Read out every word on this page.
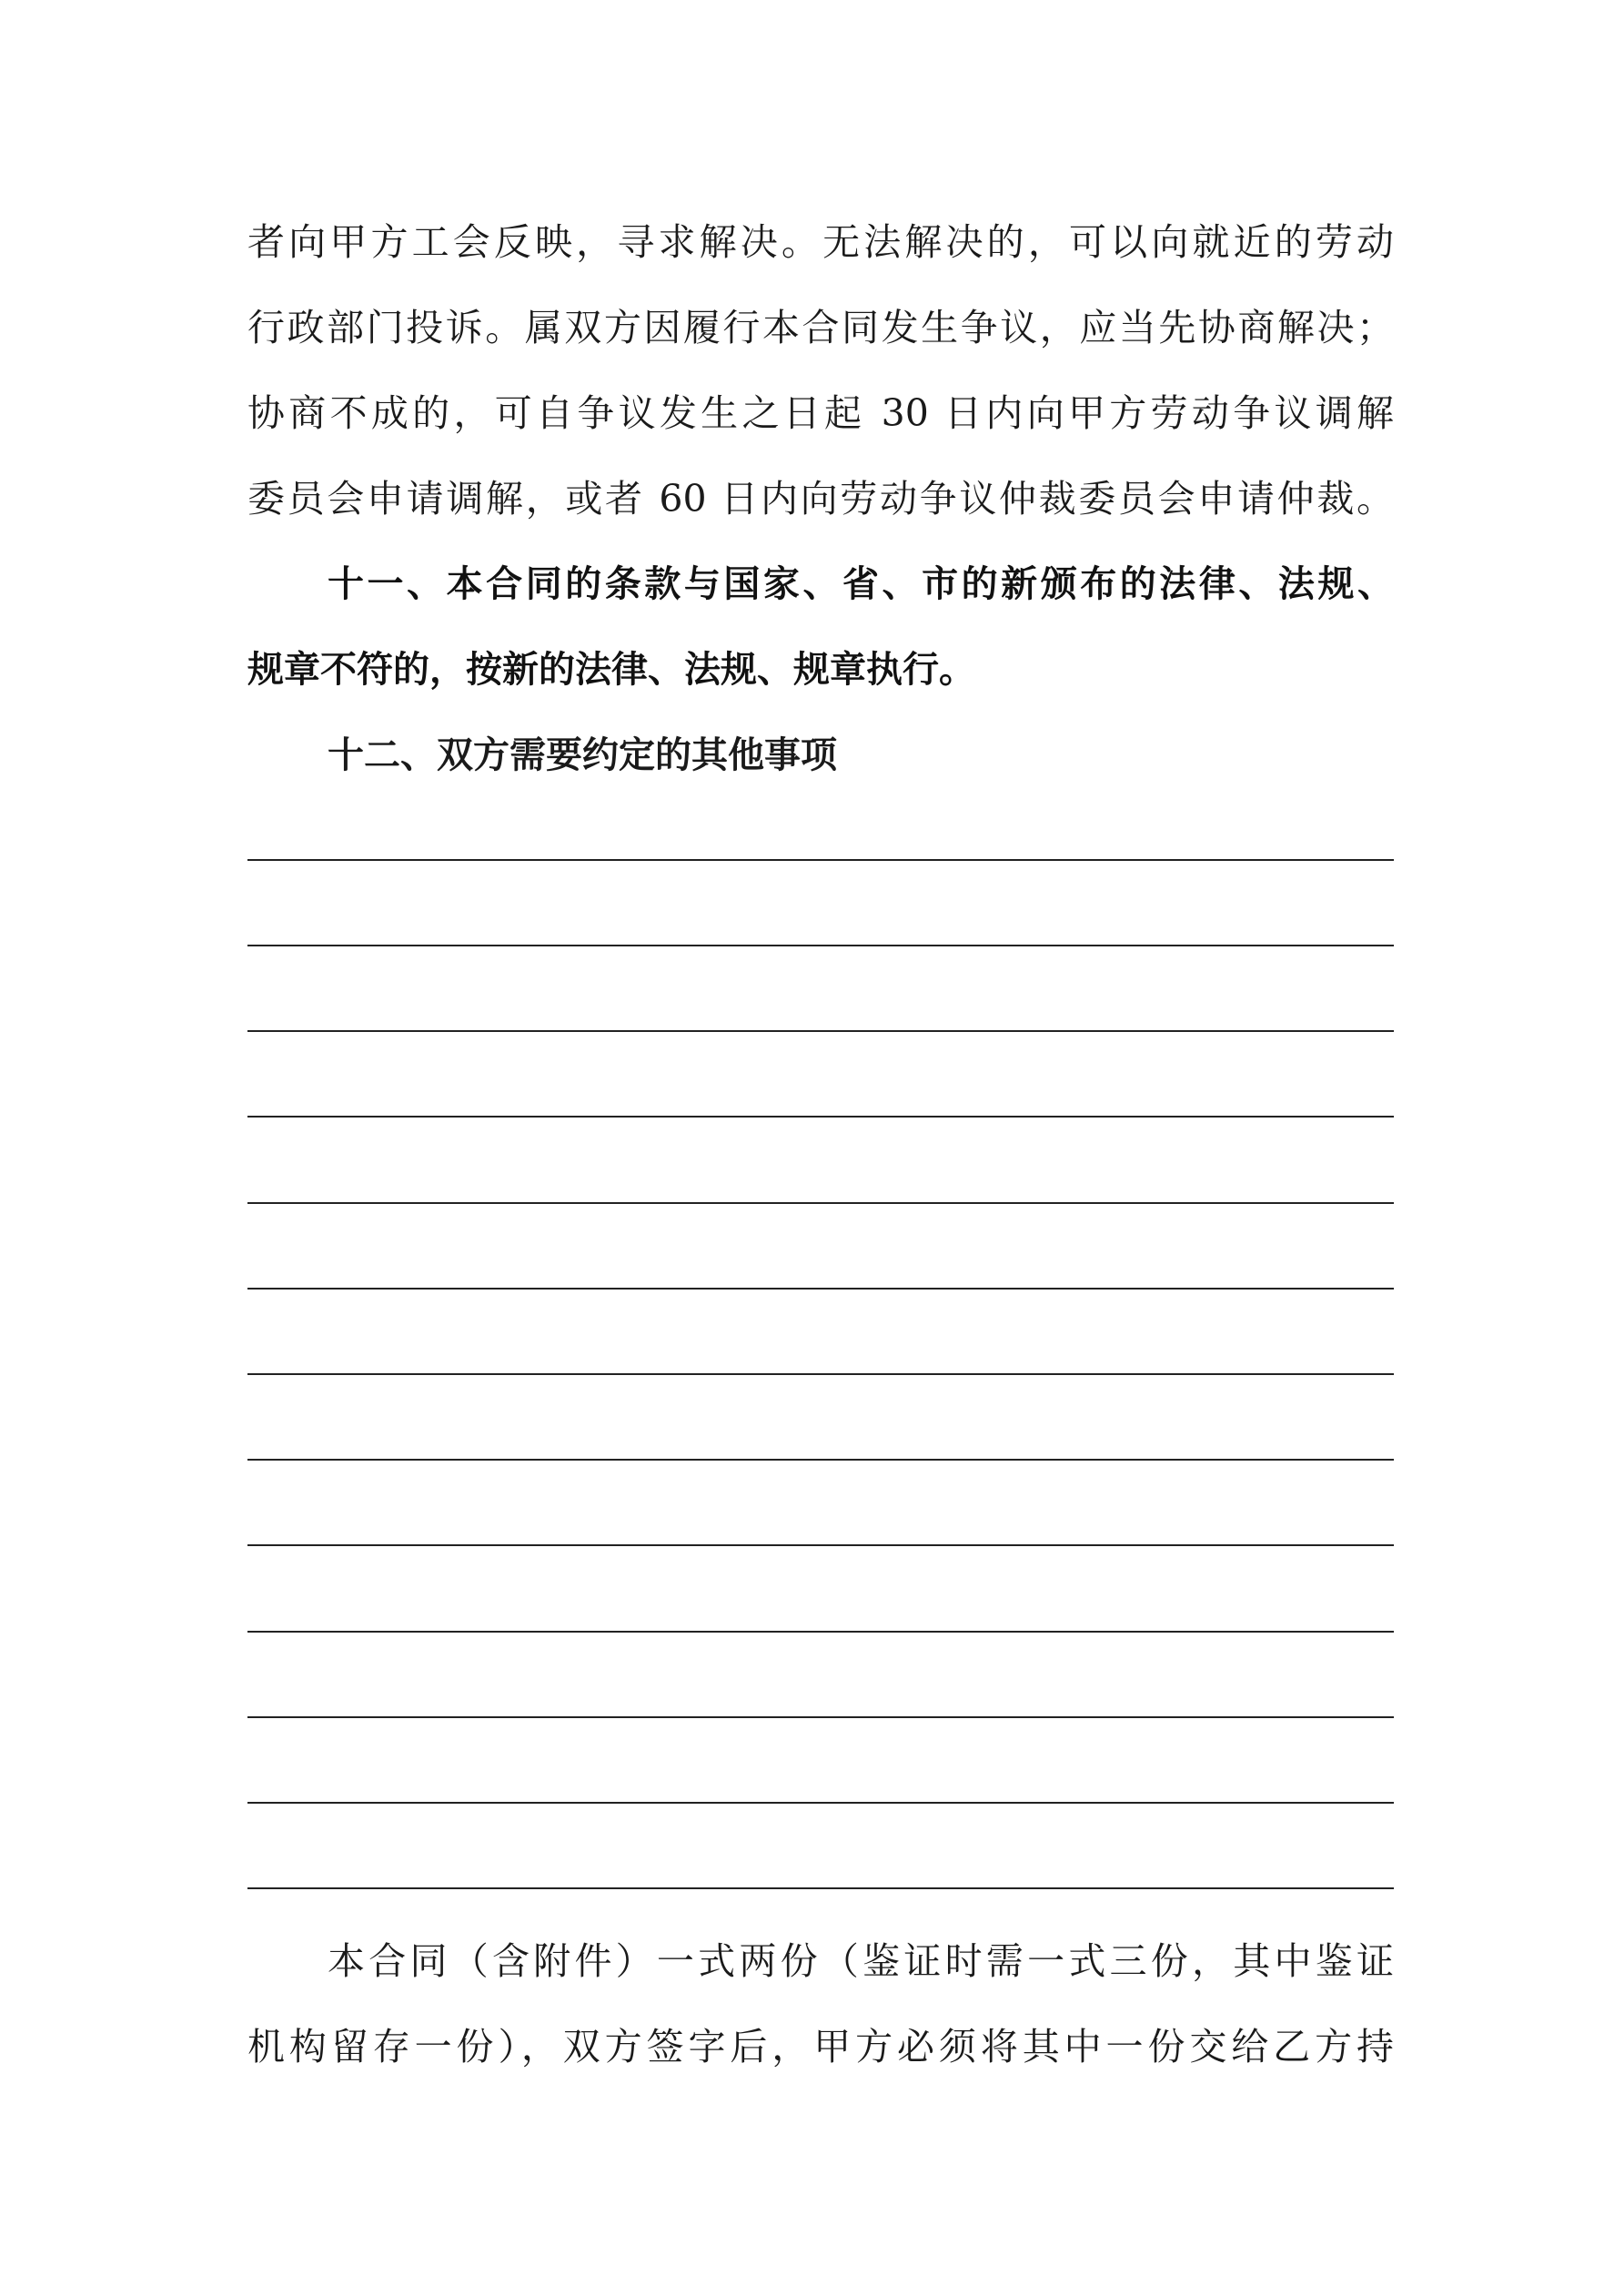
者向甲方工会反映，寻求解决。无法解决的，可以向就近的劳动
行政部门投诉。属双方因履行本合同发生争议，应当先协商解决；
协商不成的，可自争议发生之日起 30 日内向甲方劳动争议调解
委员会申请调解，或者 60 日内向劳动争议仲裁委员会申请仲裁。
十一、本合同的条款与国家、省、市的新颁布的法律、法规、
规章不符的，按新的法律、法规、规章执行。
十二、双方需要约定的其他事项
本合同（含附件）一式两份（鉴证时需一式三份，其中鉴证
机构留存一份），双方签字后，甲方必须将其中一份交给乙方持
